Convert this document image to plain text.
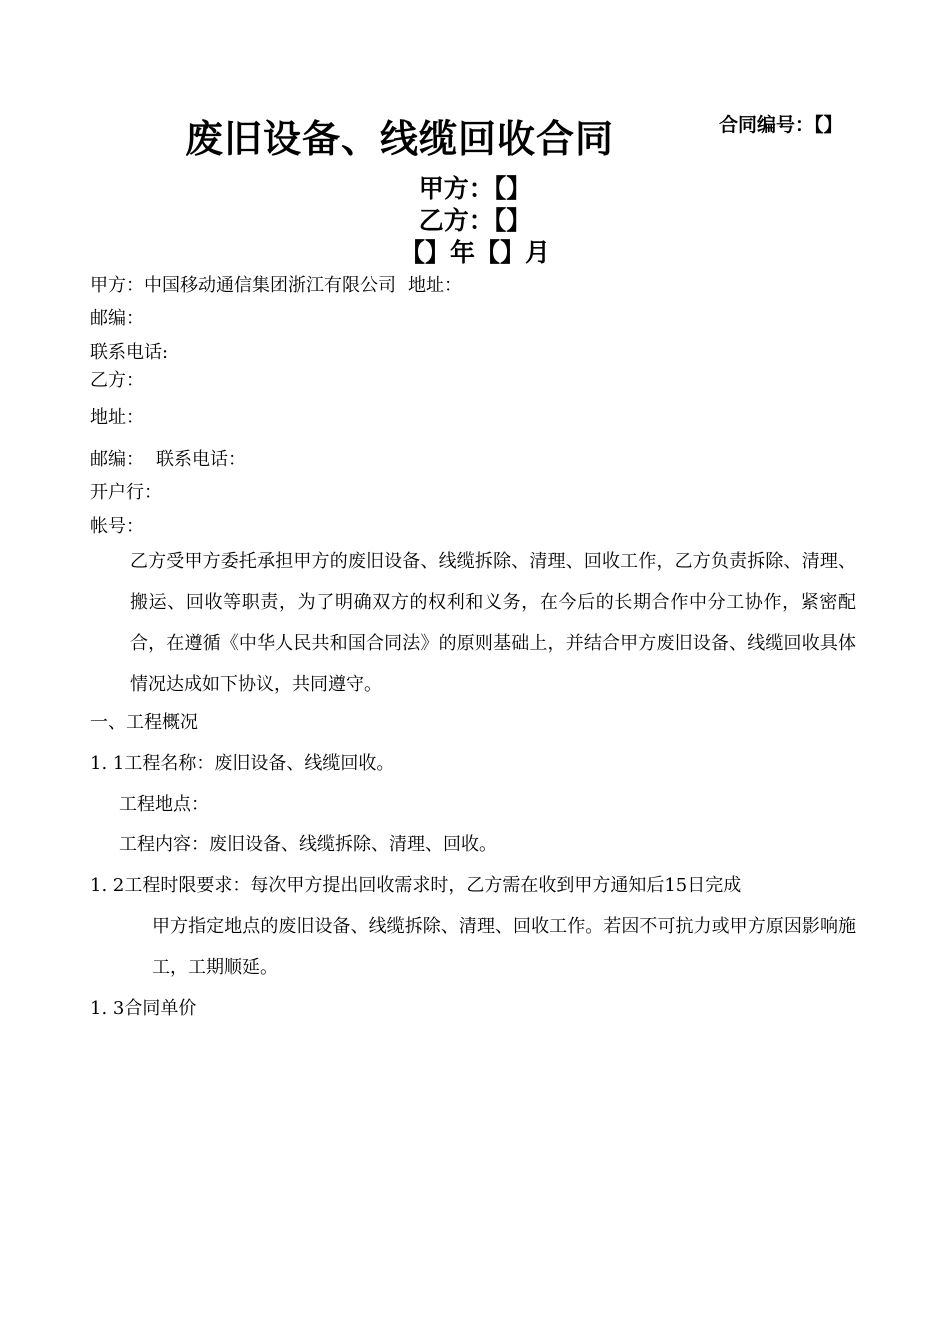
废旧设备、线缆回收合同	合同编号：【】
甲方：【】
乙方：【】
【】年【】月
甲方：中国移动通信集团浙江有限公司 地址：
邮编：
联系电话:
乙方：
地址：
邮编： 联系电话：
开户行：
帐号：
乙方受甲方委托承担甲方的废旧设备、线缆拆除、清理、回收工作，乙方负责拆除、清理、搬运、回收等职责，为了明确双方的权利和义务，在今后的长期合作中分工协作，紧密配合，在遵循《中华人民共和国合同法》的原则基础上，并结合甲方废旧设备、线缆回收具体情况达成如下协议，共同遵守。
一、工程概况
1. 1工程名称：废旧设备、线缆回收。
工程地点：
工程内容：废旧设备、线缆拆除、清理、回收。
1. 2工程时限要求：每次甲方提出回收需求时，乙方需在收到甲方通知后15日完成
甲方指定地点的废旧设备、线缆拆除、清理、回收工作。若因不可抗力或甲方原因影响施工，工期顺延。
1. 3合同单价
